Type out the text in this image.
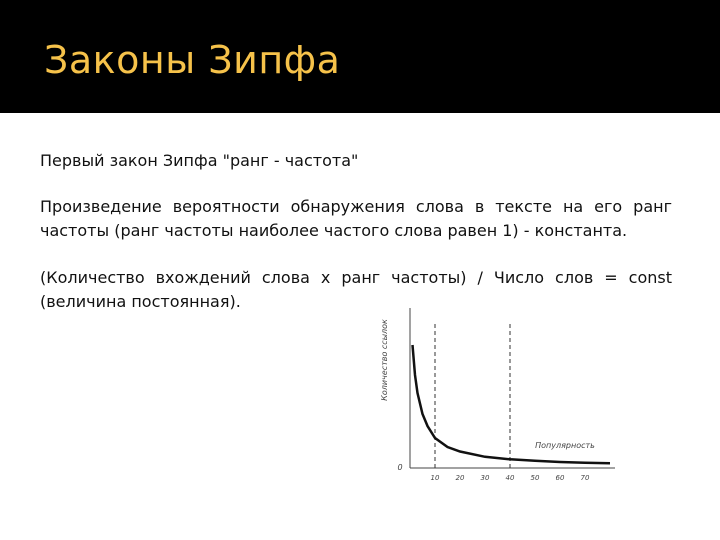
Законы Зипфа
Первый закон Зипфа "ранг - частота"
Произведение вероятности обнаружения слова в тексте на его ранг частоты (ранг частоты наиболее частого слова равен 1) - константа.
(Количество вхождений слова x ранг частоты) / Число слов = const (величина постоянная).
10 20 30 40 50 60 70
0
Количество ссылок
Популярность
